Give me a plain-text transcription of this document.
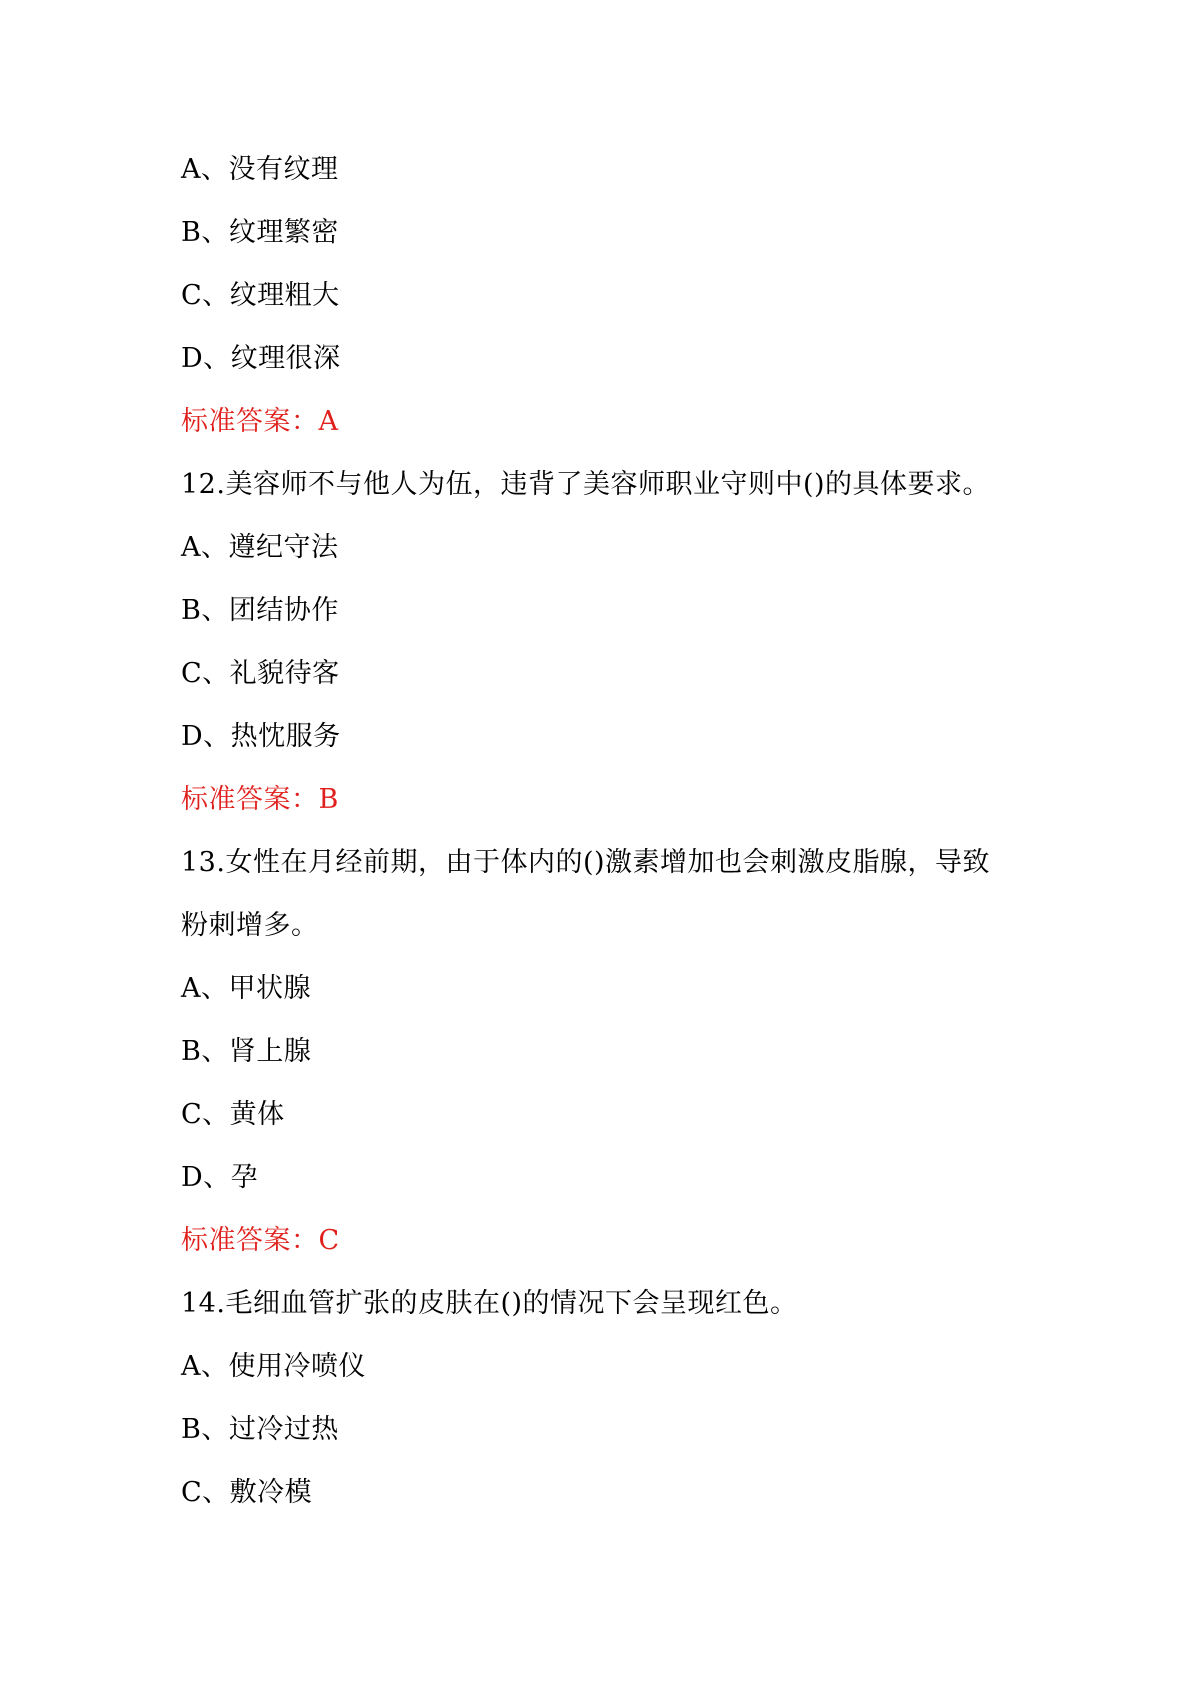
A、没有纹理
B、纹理繁密
C、纹理粗大
D、纹理很深
标准答案：A
12.美容师不与他人为伍，违背了美容师职业守则中()的具体要求。
A、遵纪守法
B、团结协作
C、礼貌待客
D、热忱服务
标准答案：B
13.女性在月经前期，由于体内的()激素增加也会刺激皮脂腺，导致
粉刺增多。
A、甲状腺
B、肾上腺
C、黄体
D、孕
标准答案：C
14.毛细血管扩张的皮肤在()的情况下会呈现红色。
A、使用冷喷仪
B、过冷过热
C、敷冷模
